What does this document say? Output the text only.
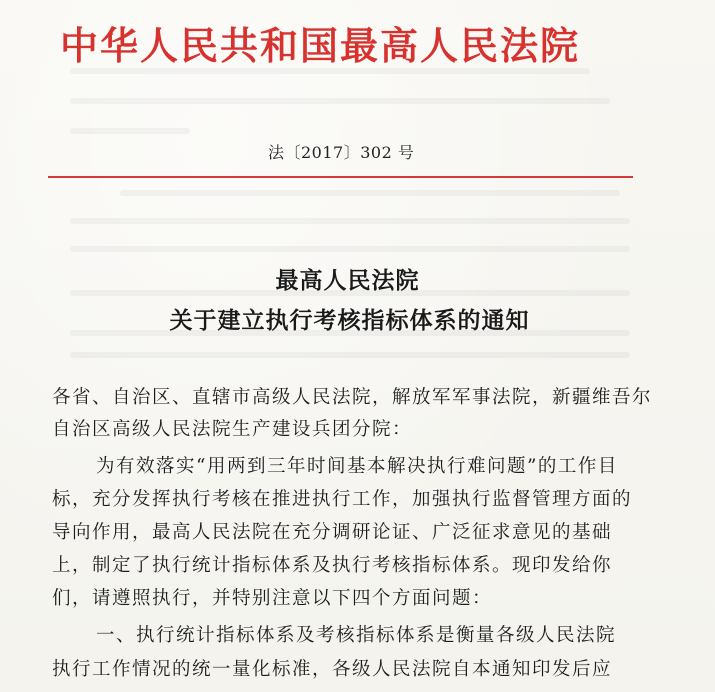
中华人民共和国最高人民法院
法〔2017〕302 号
最高人民法院
关于建立执行考核指标体系的通知
各省、自治区、直辖市高级人民法院，解放军军事法院，新疆维吾尔
自治区高级人民法院生产建设兵团分院：
为有效落实“用两到三年时间基本解决执行难问题”的工作目
标，充分发挥执行考核在推进执行工作，加强执行监督管理方面的
导向作用，最高人民法院在充分调研论证、广泛征求意见的基础
上，制定了执行统计指标体系及执行考核指标体系。现印发给你
们，请遵照执行，并特别注意以下四个方面问题：
一、执行统计指标体系及考核指标体系是衡量各级人民法院
执行工作情况的统一量化标准，各级人民法院自本通知印发后应
